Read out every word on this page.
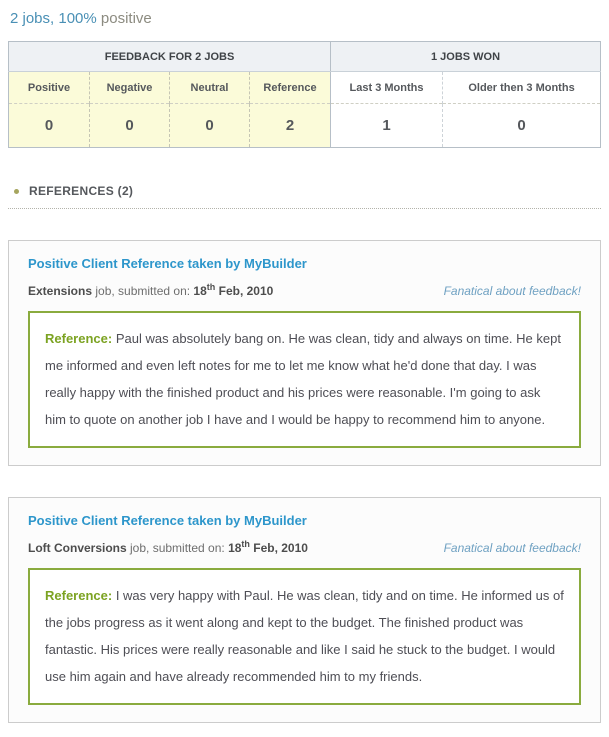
2 jobs, 100% positive
FEEDBACK FOR 2 JOBS				1 JOBS WON	
Positive	Negative	Neutral	Reference	Last 3 Months	Older then 3 Months
0	0	0	2	1	0
REFERENCES (2)
Positive Client Reference taken by MyBuilder
Extensions job, submitted on: 18th Feb, 2010	Fanatical about feedback!
Reference: Paul was absolutely bang on. He was clean, tidy and always on time. He kept me informed and even left notes for me to let me know what he'd done that day. I was really happy with the finished product and his prices were reasonable. I'm going to ask him to quote on another job I have and I would be happy to recommend him to anyone.
Positive Client Reference taken by MyBuilder
Loft Conversions job, submitted on: 18th Feb, 2010	Fanatical about feedback!
Reference: I was very happy with Paul. He was clean, tidy and on time. He informed us of the jobs progress as it went along and kept to the budget. The finished product was fantastic. His prices were really reasonable and like I said he stuck to the budget. I would use him again and have already recommended him to my friends.
